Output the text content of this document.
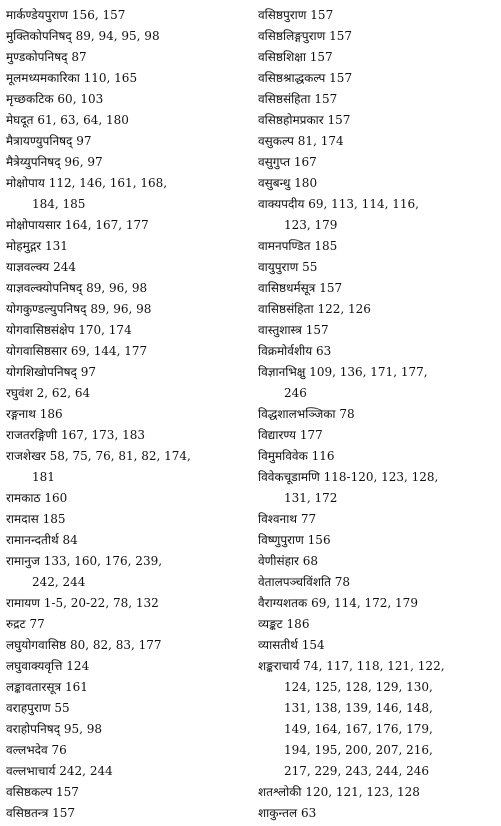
मार्कण्डेयपुराण 156, 157
मुक्तिकोपनिषद् 89, 94, 95, 98
मुण्डकोपनिषद् 87
मूलमध्यमकारिका 110, 165
मृच्छकटिक 60, 103
मेघदूत 61, 63, 64, 180
मैत्रायण्युपनिषद् 97
मैत्रेय्युपनिषद् 96, 97
मोक्षोपाय 112, 146, 161, 168,
184, 185
मोक्षोपायसार 164, 167, 177
मोहमुद्गर 131
याज्ञवल्क्य 244
याज्ञवल्क्योपनिषद् 89, 96, 98
योगकुण्डल्युपनिषद् 89, 96, 98
योगवासिष्ठसंक्षेप 170, 174
योगवासिष्ठसार 69, 144, 177
योगशिखोपनिषद् 97
रघुवंश 2, 62, 64
रङ्गनाथ 186
राजतरङ्गिणी 167, 173, 183
राजशेखर 58, 75, 76, 81, 82, 174,
181
रामकाठ 160
रामदास 185
रामानन्दतीर्थ 84
रामानुज 133, 160, 176, 239,
242, 244
रामायण 1-5, 20-22, 78, 132
रुद्रट 77
लघुयोगवासिष्ठ 80, 82, 83, 177
लघुवाक्यवृत्ति 124
लङ्कावतारसूत्र 161
वराहपुराण 55
वराहोपनिषद् 95, 98
वल्लभदेव 76
वल्लभाचार्य 242, 244
वसिष्ठकल्प 157
वसिष्ठतन्त्र 157
वसिष्ठपुराण 157
वसिष्ठलिङ्गपुराण 157
वसिष्ठशिक्षा 157
वसिष्ठश्राद्धकल्प 157
वसिष्ठसंहिता 157
वसिष्ठहोमप्रकार 157
वसुकल्प 81, 174
वसुगुप्त 167
वसुबन्धु 180
वाक्यपदीय 69, 113, 114, 116,
123, 179
वामनपण्डित 185
वायुपुराण 55
वासिष्ठधर्मसूत्र 157
वासिष्ठसंहिता 122, 126
वास्तुशास्त्र 157
विक्रमोर्वशीय 63
विज्ञानभिक्षु 109, 136, 171, 177,
246
विद्धशालभञ्जिका 78
विद्यारण्य 177
विमुमविवेक 116
विवेकचूडामणि 118-120, 123, 128,
131, 172
विश्वनाथ 77
विष्णुपुराण 156
वेणीसंहार 68
वेतालपञ्चविंशति 78
वैराग्यशतक 69, 114, 172, 179
व्यङ्कट 186
व्यासतीर्थ 154
शङ्कराचार्य 74, 117, 118, 121, 122,
124, 125, 128, 129, 130,
131, 138, 139, 146, 148,
149, 164, 167, 176, 179,
194, 195, 200, 207, 216,
217, 229, 243, 244, 246
शतश्लोकी 120, 121, 123, 128
शाकुन्तल 63
